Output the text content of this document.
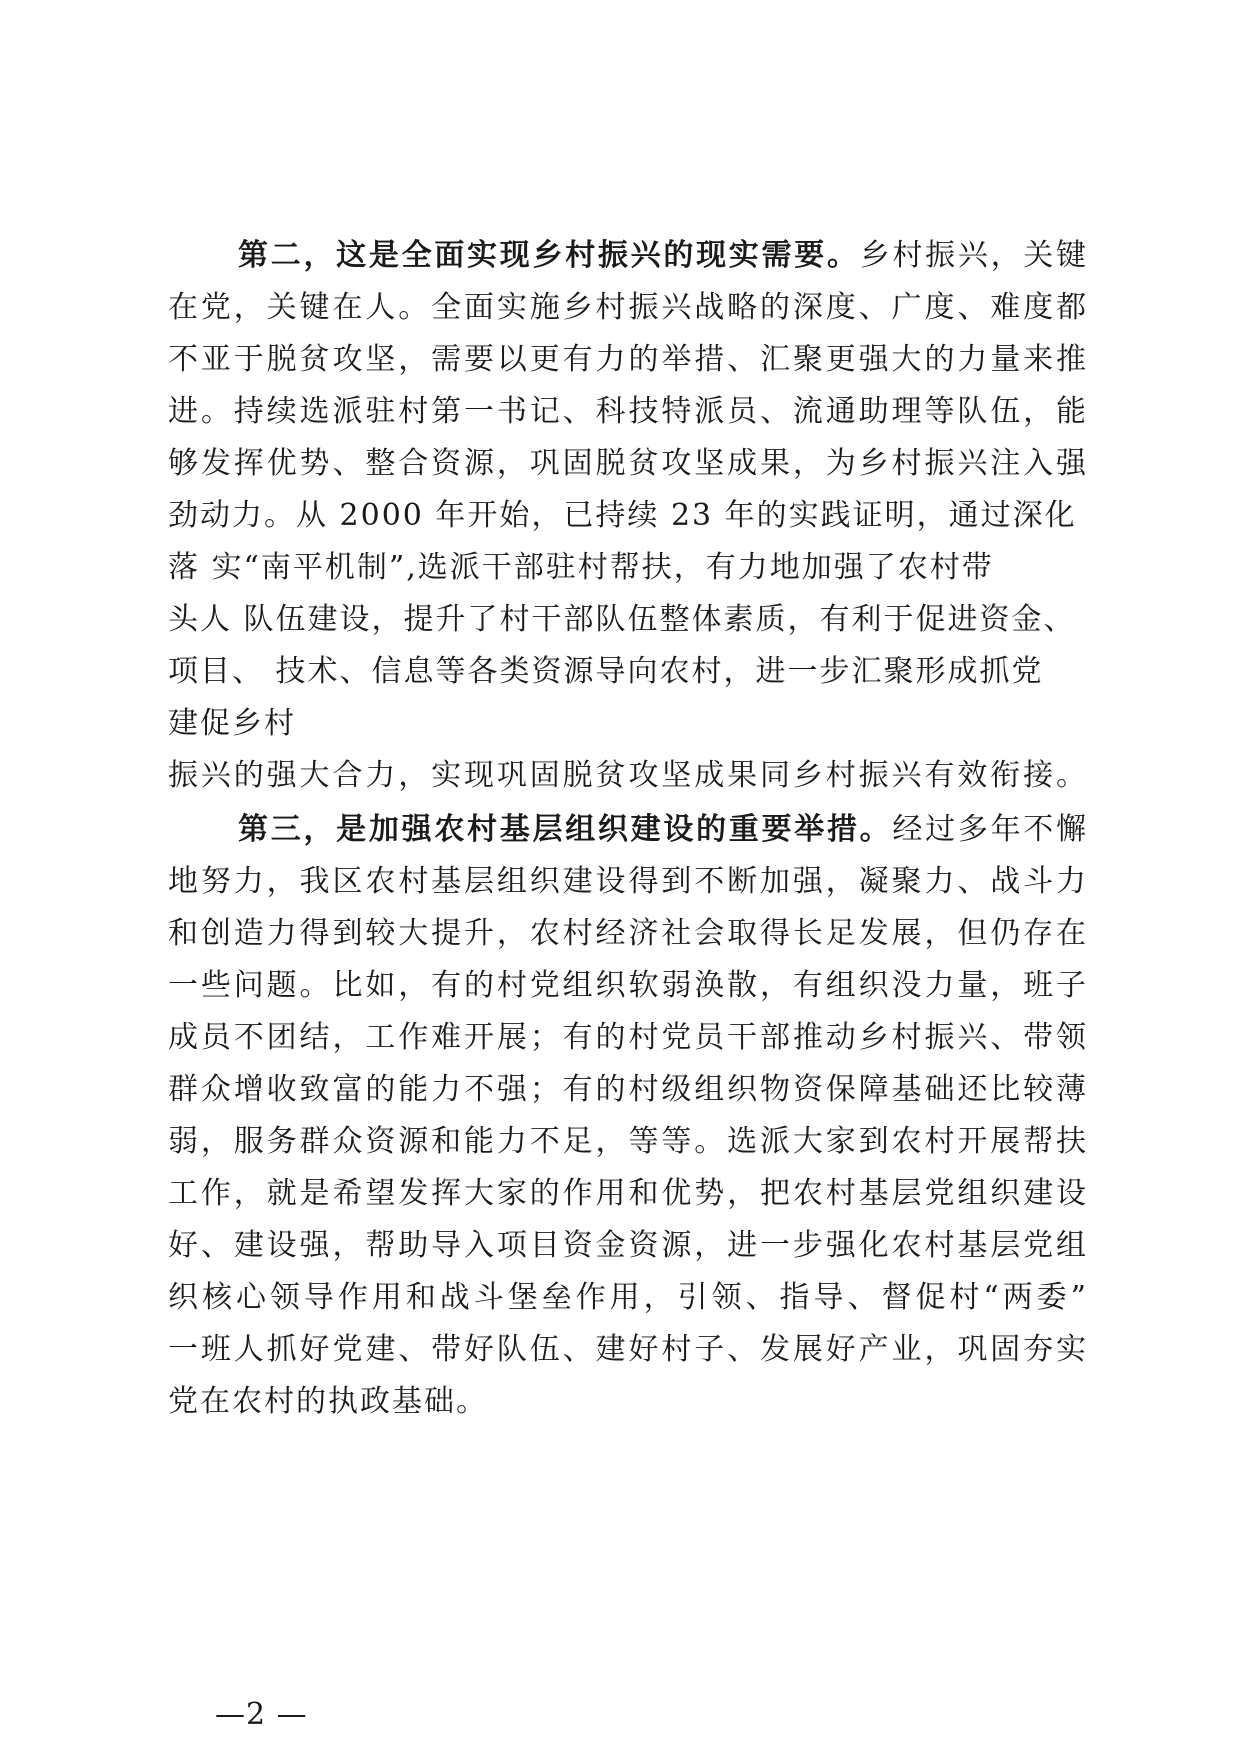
第二，这是全面实现乡村振兴的现实需要。乡村振兴，关键
在党，关键在人。全面实施乡村振兴战略的深度、广度、难度都
不亚于脱贫攻坚，需要以更有力的举措、汇聚更强大的力量来推
进。持续选派驻村第一书记、科技特派员、流通助理等队伍，能
够发挥优势、整合资源，巩固脱贫攻坚成果，为乡村振兴注入强
劲动力。从 2000 年开始，已持续 23 年的实践证明，通过深化
落 实“南平机制”,选派干部驻村帮扶，有力地加强了农村带
头人 队伍建设，提升了村干部队伍整体素质，有利于促进资金、
项目、 技术、信息等各类资源导向农村，进一步汇聚形成抓党
建促乡村
振兴的强大合力，实现巩固脱贫攻坚成果同乡村振兴有效衔接。
第三，是加强农村基层组织建设的重要举措。经过多年不懈
地努力，我区农村基层组织建设得到不断加强，凝聚力、战斗力
和创造力得到较大提升，农村经济社会取得长足发展，但仍存在
一些问题。比如，有的村党组织软弱涣散，有组织没力量，班子
成员不团结，工作难开展；有的村党员干部推动乡村振兴、带领
群众增收致富的能力不强；有的村级组织物资保障基础还比较薄
弱，服务群众资源和能力不足，等等。选派大家到农村开展帮扶
工作，就是希望发挥大家的作用和优势，把农村基层党组织建设
好、建设强，帮助导入项目资金资源，进一步强化农村基层党组
织核心领导作用和战斗堡垒作用，引领、指导、督促村“两委”
一班人抓好党建、带好队伍、建好村子、发展好产业，巩固夯实
党在农村的执政基础。
—2 —
